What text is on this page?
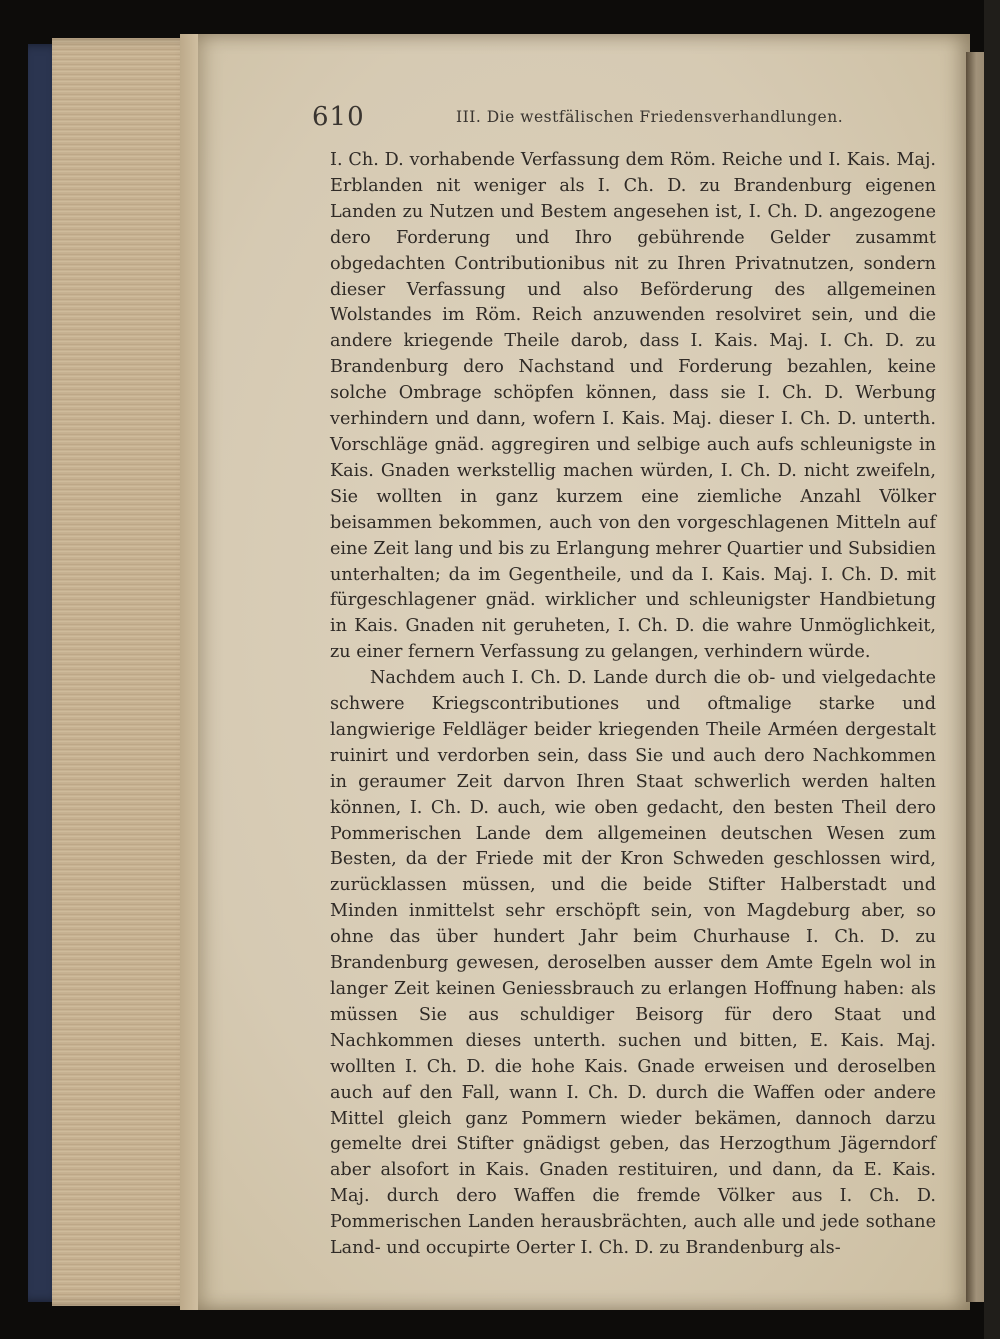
610	III. Die westfälischen Friedensverhandlungen.

I. Ch. D. vorhabende Verfassung dem Röm. Reiche und I. Kais. Maj. Erblanden nit weniger als I. Ch. D. zu Brandenburg eigenen Landen zu Nutzen und Bestem angesehen ist, I. Ch. D. angezogene dero Forderung und Ihro gebührende Gelder zusammt obgedachten Contributionibus nit zu Ihren Privatnutzen, sondern dieser Verfassung und also Beförderung des allgemeinen Wolstandes im Röm. Reich anzuwenden resolviret sein, und die andere kriegende Theile darob, dass I. Kais. Maj. I. Ch. D. zu Brandenburg dero Nachstand und Forderung bezahlen, keine solche Ombrage schöpfen können, dass sie I. Ch. D. Werbung verhindern und dann, wofern I. Kais. Maj. dieser I. Ch. D. unterth. Vorschläge gnäd. aggregiren und selbige auch aufs schleunigste in Kais. Gnaden werkstellig machen würden, I. Ch. D. nicht zweifeln, Sie wollten in ganz kurzem eine ziemliche Anzahl Völker beisammen bekommen, auch von den vorgeschlagenen Mitteln auf eine Zeit lang und bis zu Erlangung mehrer Quartier und Subsidien unterhalten; da im Gegentheile, und da I. Kais. Maj. I. Ch. D. mit fürgeschlagener gnäd. wirklicher und schleunigster Handbietung in Kais. Gnaden nit geruheten, I. Ch. D. die wahre Unmöglichkeit, zu einer fernern Verfassung zu gelangen, verhindern würde.

Nachdem auch I. Ch. D. Lande durch die ob- und vielgedachte schwere Kriegscontributiones und oftmalige starke und langwierige Feldläger beider kriegenden Theile Arméen dergestalt ruinirt und verdorben sein, dass Sie und auch dero Nachkommen in geraumer Zeit darvon Ihren Staat schwerlich werden halten können, I. Ch. D. auch, wie oben gedacht, den besten Theil dero Pommerischen Lande dem allgemeinen deutschen Wesen zum Besten, da der Friede mit der Kron Schweden geschlossen wird, zurücklassen müssen, und die beide Stifter Halberstadt und Minden inmittelst sehr erschöpft sein, von Magdeburg aber, so ohne das über hundert Jahr beim Churhause I. Ch. D. zu Brandenburg gewesen, deroselben ausser dem Amte Egeln wol in langer Zeit keinen Geniessbrauch zu erlangen Hoffnung haben: als müssen Sie aus schuldiger Beisorg für dero Staat und Nachkommen dieses unterth. suchen und bitten, E. Kais. Maj. wollten I. Ch. D. die hohe Kais. Gnade erweisen und deroselben auch auf den Fall, wann I. Ch. D. durch die Waffen oder andere Mittel gleich ganz Pommern wieder bekämen, dannoch darzu gemelte drei Stifter gnädigst geben, das Herzogthum Jägerndorf aber alsofort in Kais. Gnaden restituiren, und dann, da E. Kais. Maj. durch dero Waffen die fremde Völker aus I. Ch. D. Pommerischen Landen herausbrächten, auch alle und jede sothane Land- und occupirte Oerter I. Ch. D. zu Brandenburg als-
